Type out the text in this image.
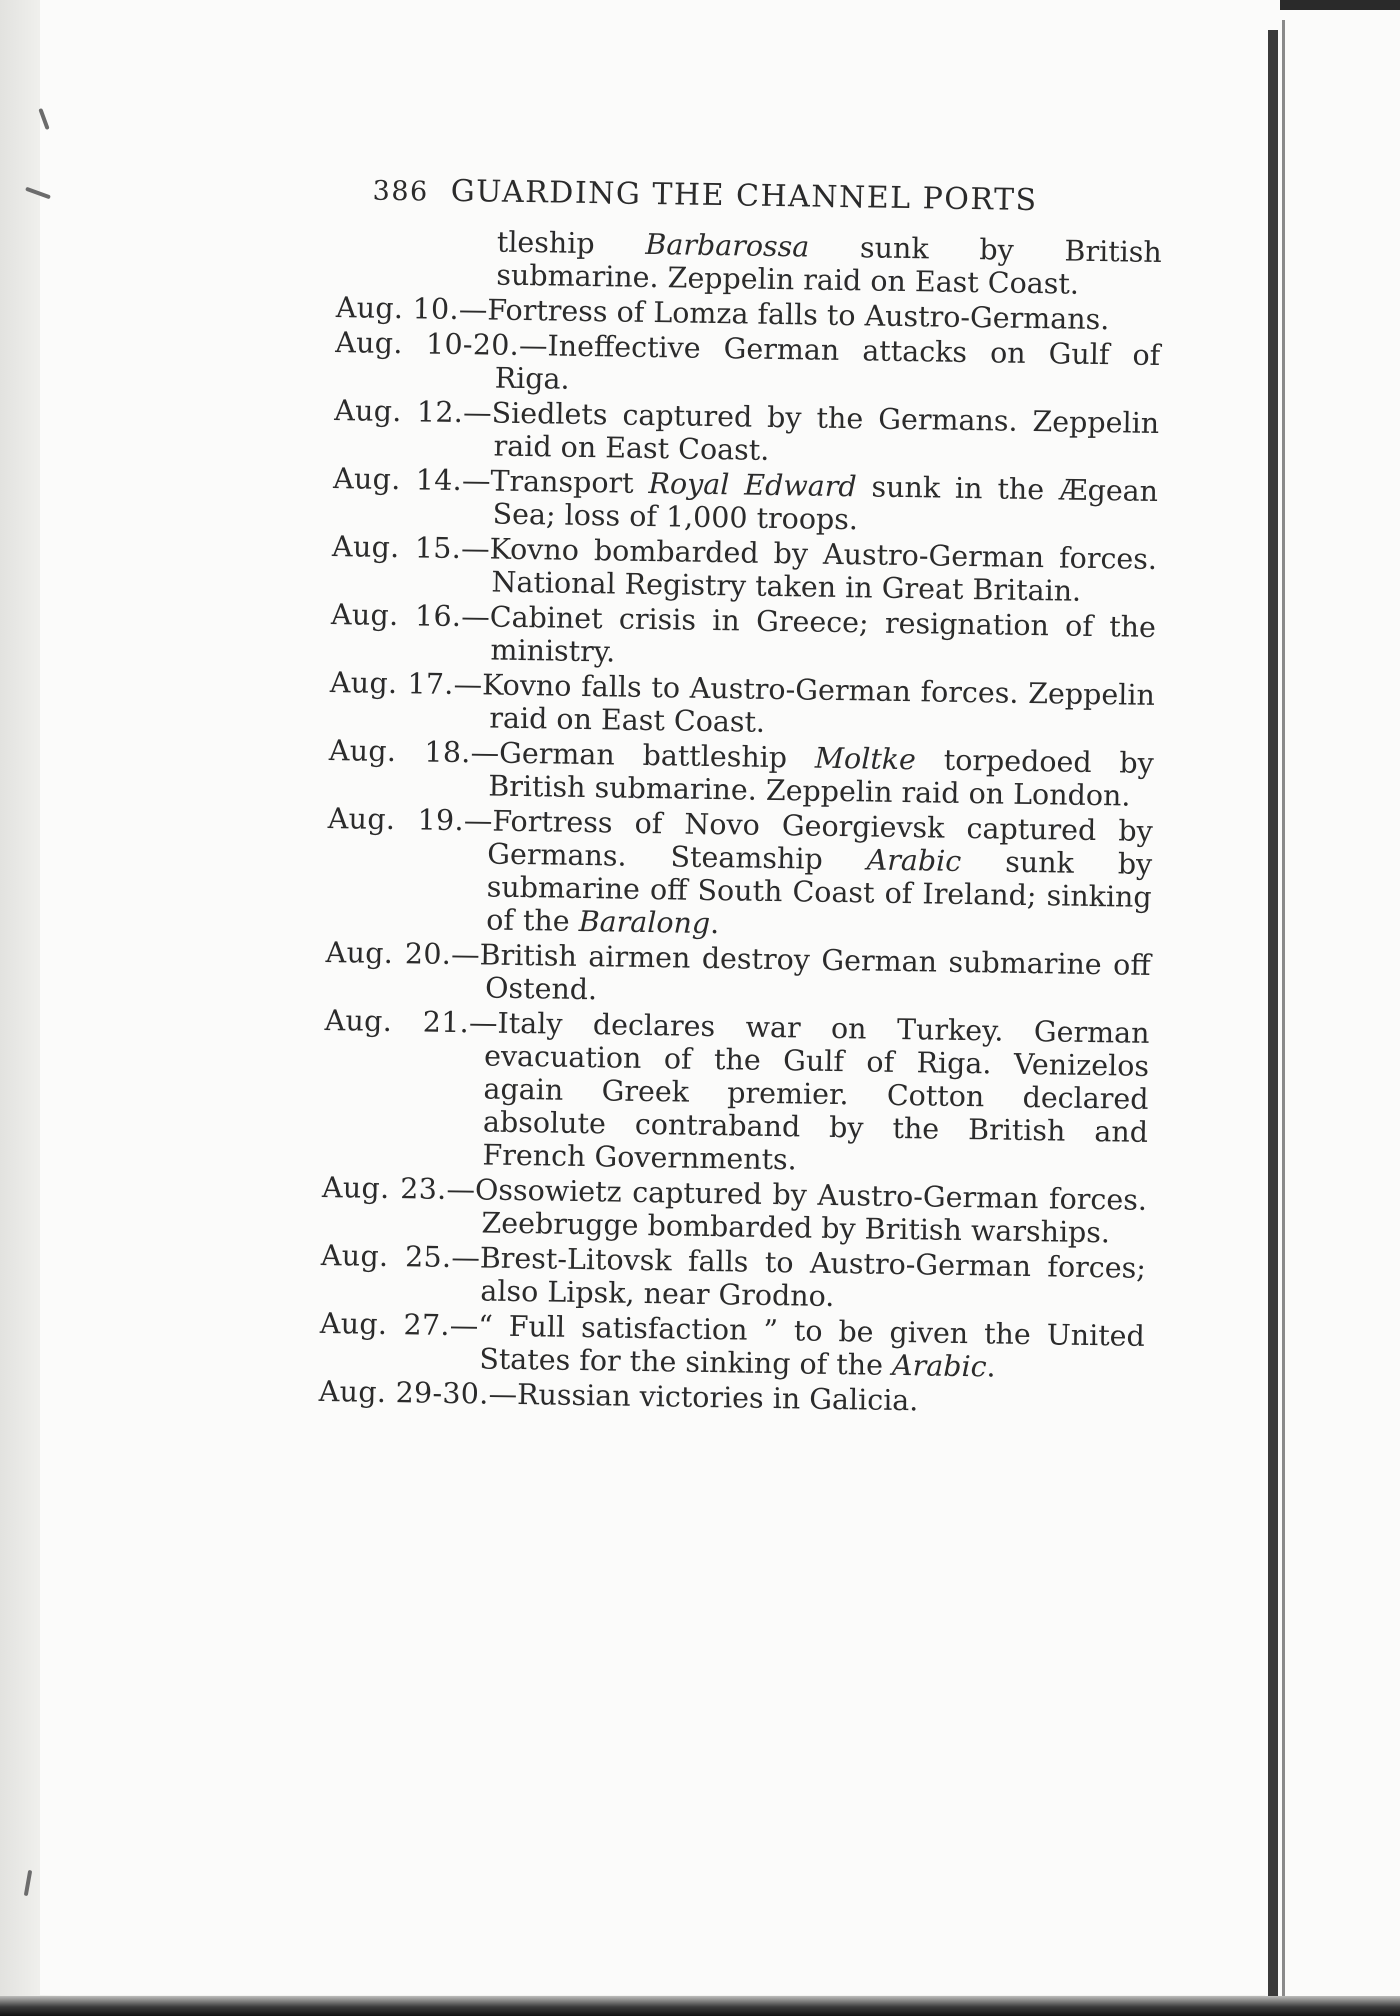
386 GUARDING THE CHANNEL PORTS
tleship Barbarossa sunk by British submarine. Zeppelin raid on East Coast.
Aug. 10.—Fortress of Lomza falls to Austro-Germans.
Aug. 10-20.—Ineffective German attacks on Gulf of Riga.
Aug. 12.—Siedlets captured by the Germans. Zeppelin raid on East Coast.
Aug. 14.—Transport Royal Edward sunk in the Ægean Sea; loss of 1,000 troops.
Aug. 15.—Kovno bombarded by Austro-German forces. National Registry taken in Great Britain.
Aug. 16.—Cabinet crisis in Greece; resignation of the ministry.
Aug. 17.—Kovno falls to Austro-German forces. Zeppelin raid on East Coast.
Aug. 18.—German battleship Moltke torpedoed by British submarine. Zeppelin raid on London.
Aug. 19.—Fortress of Novo Georgievsk captured by Germans. Steamship Arabic sunk by submarine off South Coast of Ireland; sinking of the Baralong.
Aug. 20.—British airmen destroy German submarine off Ostend.
Aug. 21.—Italy declares war on Turkey. German evacuation of the Gulf of Riga. Venizelos again Greek premier. Cotton declared absolute contraband by the British and French Governments.
Aug. 23.—Ossowietz captured by Austro-German forces. Zeebrugge bombarded by British warships.
Aug. 25.—Brest-Litovsk falls to Austro-German forces; also Lipsk, near Grodno.
Aug. 27.—“ Full satisfaction ” to be given the United States for the sinking of the Arabic.
Aug. 29-30.—Russian victories in Galicia.
